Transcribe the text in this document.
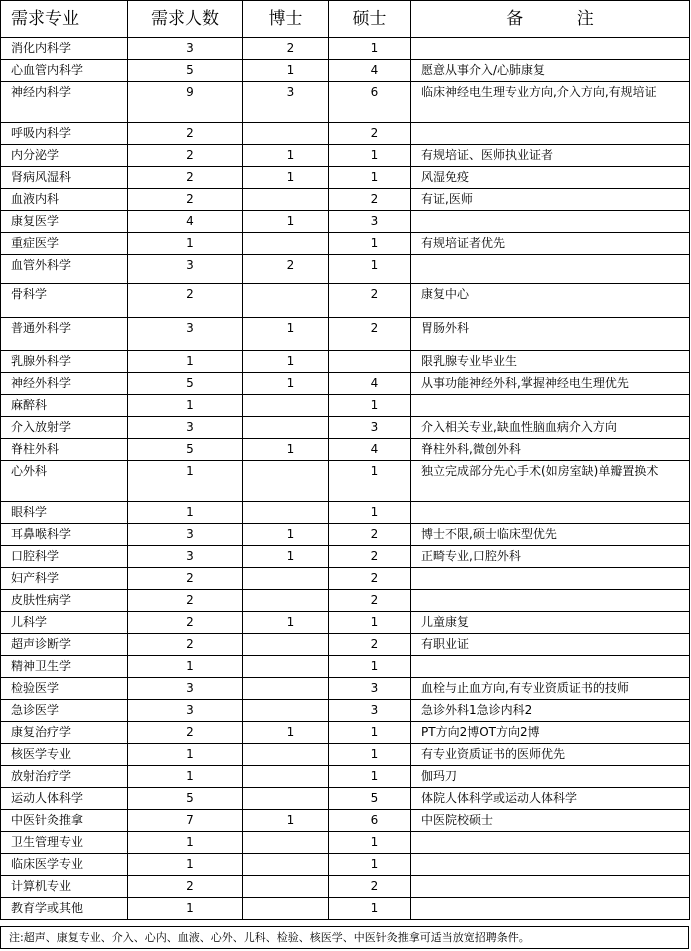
需求专业	需求人数	博士	硕士	备 注
消化内科学	3	2	1	
心血管内科学	5	1	4	愿意从事介入/心肺康复
神经内科学	9	3	6	临床神经电生理专业方向,介入方向,有规培证
呼吸内科学	2		2	
内分泌学	2	1	1	有规培证、医师执业证者
肾病风湿科	2	1	1	风湿免疫
血液内科	2		2	有证,医师
康复医学	4	1	3	
重症医学	1		1	有规培证者优先
血管外科学	3	2	1	
骨科学	2		2	康复中心
普通外科学	3	1	2	胃肠外科
乳腺外科学	1	1		限乳腺专业毕业生
神经外科学	5	1	4	从事功能神经外科,掌握神经电生理优先
麻醉科	1		1	
介入放射学	3		3	介入相关专业,缺血性脑血病介入方向
脊柱外科	5	1	4	脊柱外科,微创外科
心外科	1		1	独立完成部分先心手术(如房室缺)单瓣置换术
眼科学	1		1	
耳鼻喉科学	3	1	2	博士不限,硕士临床型优先
口腔科学	3	1	2	正畸专业,口腔外科
妇产科学	2		2	
皮肤性病学	2		2	
儿科学	2	1	1	儿童康复
超声诊断学	2		2	有职业证
精神卫生学	1		1	
检验医学	3		3	血栓与止血方向,有专业资质证书的技师
急诊医学	3		3	急诊外科1急诊内科2
康复治疗学	2	1	1	PT方向2博OT方向2博
核医学专业	1		1	有专业资质证书的医师优先
放射治疗学	1		1	伽玛刀
运动人体科学	5		5	体院人体科学或运动人体科学
中医针灸推拿	7	1	6	中医院校硕士
卫生管理专业	1		1	
临床医学专业	1		1	
计算机专业	2		2	
教育学或其他	1		1	
注:超声、康复专业、介入、心内、血液、心外、儿科、检验、核医学、中医针灸推拿可适当放宽招聘条件。
